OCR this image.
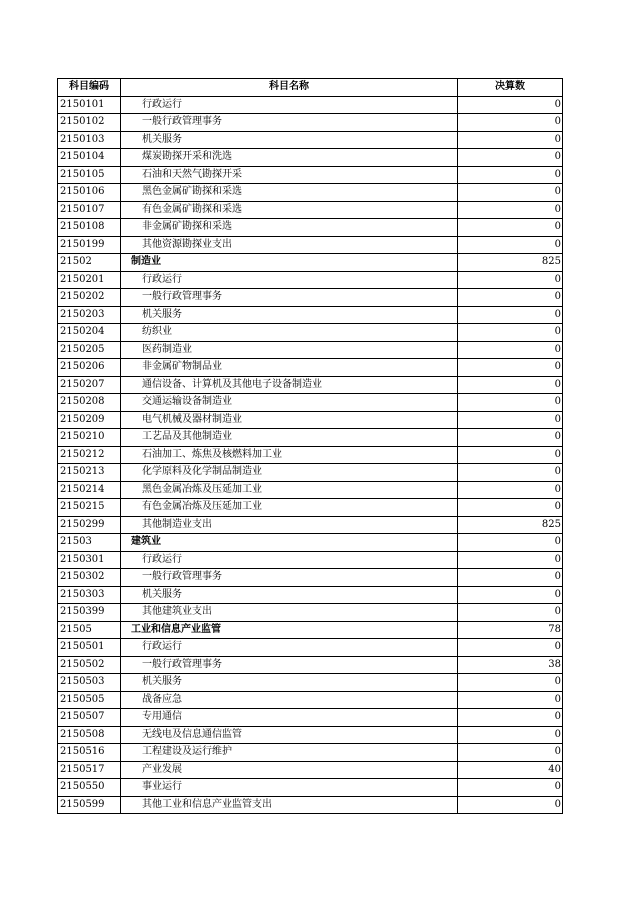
科目编码	科目名称	决算数
2150101	行政运行	0
2150102	一般行政管理事务	0
2150103	机关服务	0
2150104	煤炭勘探开采和洗选	0
2150105	石油和天然气勘探开采	0
2150106	黑色金属矿勘探和采选	0
2150107	有色金属矿勘探和采选	0
2150108	非金属矿勘探和采选	0
2150199	其他资源勘探业支出	0
21502	制造业	825
2150201	行政运行	0
2150202	一般行政管理事务	0
2150203	机关服务	0
2150204	纺织业	0
2150205	医药制造业	0
2150206	非金属矿物制品业	0
2150207	通信设备、计算机及其他电子设备制造业	0
2150208	交通运输设备制造业	0
2150209	电气机械及器材制造业	0
2150210	工艺品及其他制造业	0
2150212	石油加工、炼焦及核燃料加工业	0
2150213	化学原料及化学制品制造业	0
2150214	黑色金属冶炼及压延加工业	0
2150215	有色金属冶炼及压延加工业	0
2150299	其他制造业支出	825
21503	建筑业	0
2150301	行政运行	0
2150302	一般行政管理事务	0
2150303	机关服务	0
2150399	其他建筑业支出	0
21505	工业和信息产业监管	78
2150501	行政运行	0
2150502	一般行政管理事务	38
2150503	机关服务	0
2150505	战备应急	0
2150507	专用通信	0
2150508	无线电及信息通信监管	0
2150516	工程建设及运行维护	0
2150517	产业发展	40
2150550	事业运行	0
2150599	其他工业和信息产业监管支出	0
